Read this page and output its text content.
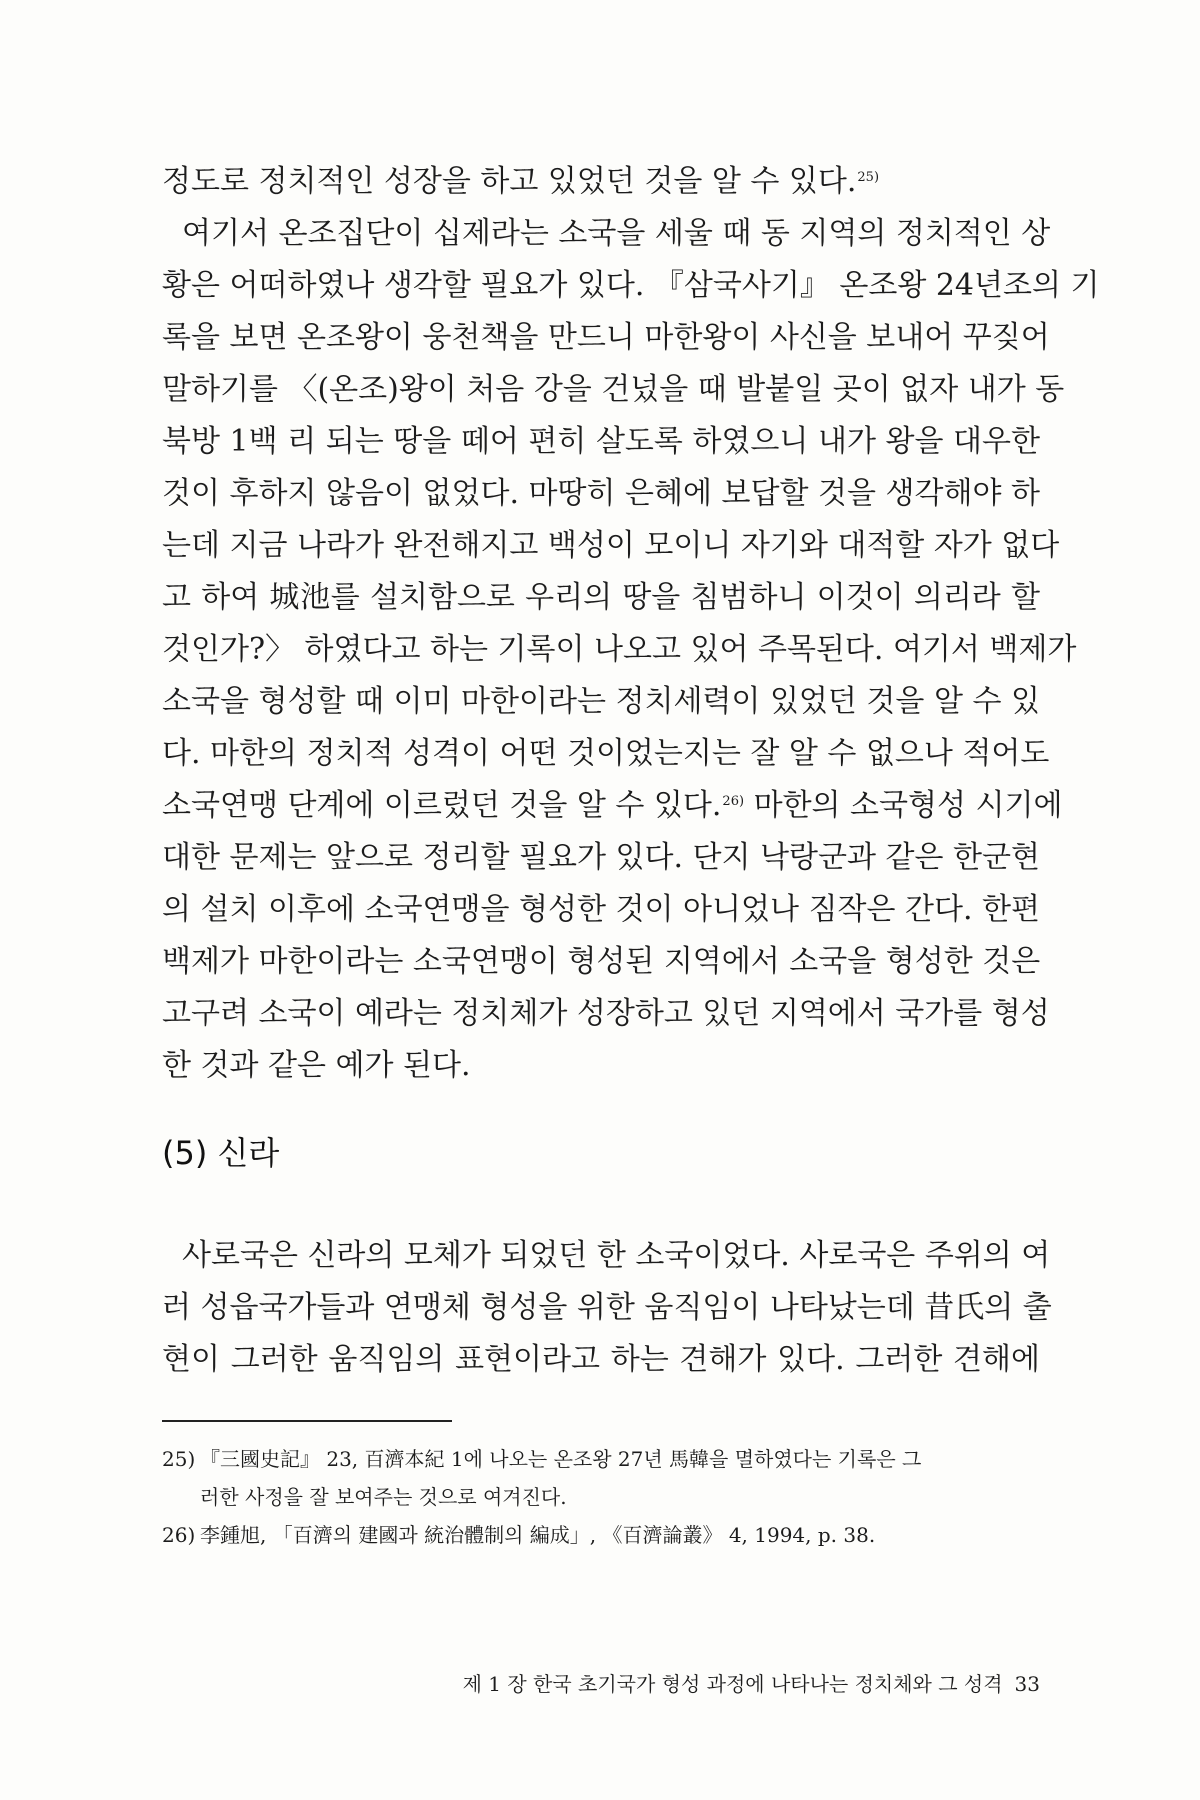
정도로 정치적인 성장을 하고 있었던 것을 알 수 있다.$^{25)}$
여기서 온조집단이 십제라는 소국을 세울 때 동 지역의 정치적인 상
황은 어떠하였나 생각할 필요가 있다. 『삼국사기』 온조왕 24년조의 기
록을 보면 온조왕이 웅천책을 만드니 마한왕이 사신을 보내어 꾸짖어
말하기를 〈(온조)왕이 처음 강을 건넜을 때 발붙일 곳이 없자 내가 동
북방 1백 리 되는 땅을 떼어 편히 살도록 하였으니 내가 왕을 대우한
것이 후하지 않음이 없었다. 마땅히 은혜에 보답할 것을 생각해야 하
는데 지금 나라가 완전해지고 백성이 모이니 자기와 대적할 자가 없다
고 하여 城池를 설치함으로 우리의 땅을 침범하니 이것이 의리라 할
것인가?〉 하였다고 하는 기록이 나오고 있어 주목된다. 여기서 백제가
소국을 형성할 때 이미 마한이라는 정치세력이 있었던 것을 알 수 있
다. 마한의 정치적 성격이 어떤 것이었는지는 잘 알 수 없으나 적어도
소국연맹 단계에 이르렀던 것을 알 수 있다.$^{26)}$ 마한의 소국형성 시기에
대한 문제는 앞으로 정리할 필요가 있다. 단지 낙랑군과 같은 한군현
의 설치 이후에 소국연맹을 형성한 것이 아니었나 짐작은 간다. 한편
백제가 마한이라는 소국연맹이 형성된 지역에서 소국을 형성한 것은
고구려 소국이 예라는 정치체가 성장하고 있던 지역에서 국가를 형성
한 것과 같은 예가 된다.
(5) 신라
사로국은 신라의 모체가 되었던 한 소국이었다. 사로국은 주위의 여
러 성읍국가들과 연맹체 형성을 위한 움직임이 나타났는데 昔氏의 출
현이 그러한 움직임의 표현이라고 하는 견해가 있다. 그러한 견해에
25) 『三國史記』 23, 百濟本紀 1에 나오는 온조왕 27년 馬韓을 멸하였다는 기록은 그
러한 사정을 잘 보여주는 것으로 여겨진다.
26) 李鍾旭, 「百濟의 建國과 統治體制의 編成」, 《百濟論叢》 4, 1994, p. 38.
제 1 장 한국 초기국가 형성 과정에 나타나는 정치체와 그 성격 33
